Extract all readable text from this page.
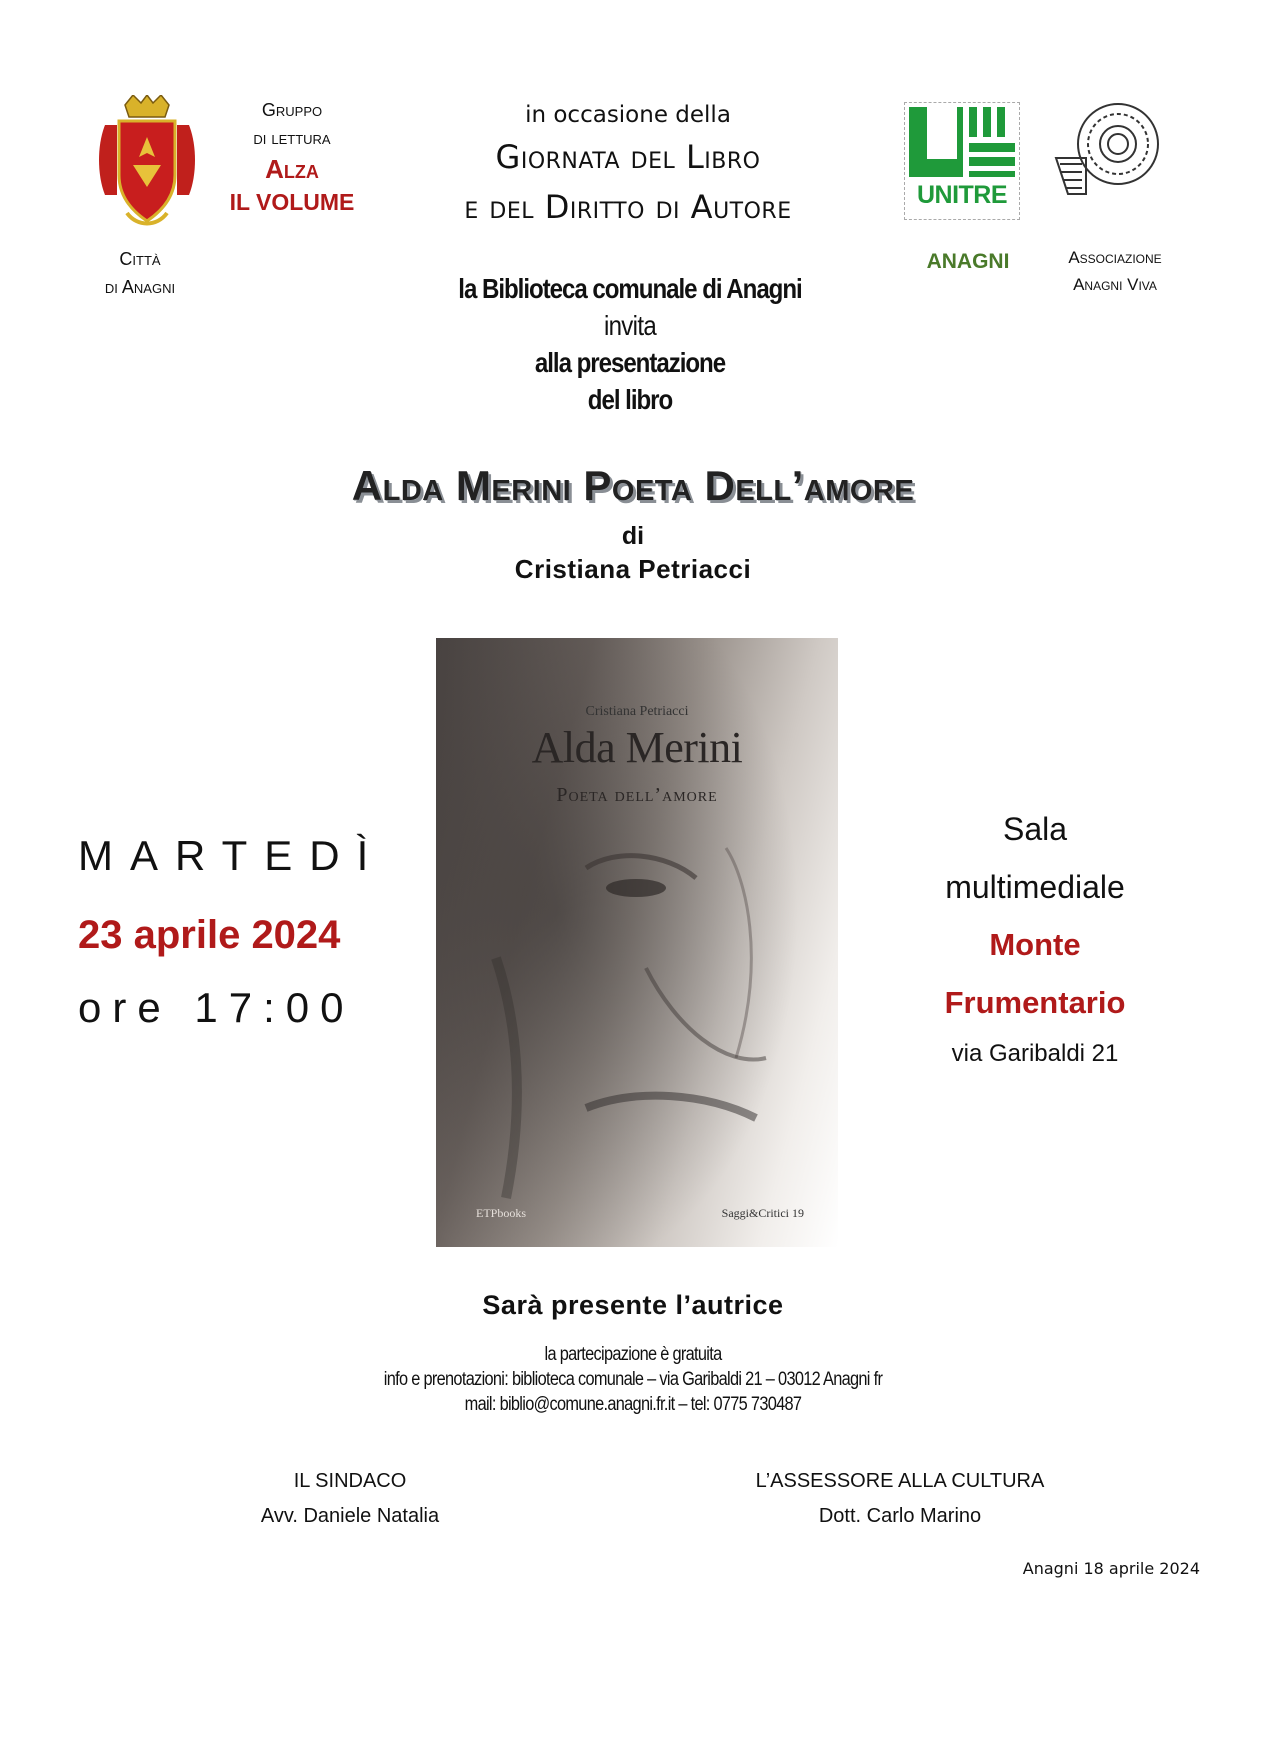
Città
di Anagni
Gruppo
di lettura
Alza
IL VOLUME
in occasione della
Giornata del Libro
e del Diritto di Autore	UNITRE
ANAGNI	Associazione
Anagni Viva
la Biblioteca comunale di Anagni
invita
alla presentazione
del libro
Alda Merini Poeta Dell’amore
di
Cristiana Petriacci
Cristiana Petriacci
Alda Merini
Poeta dell’amore
ETPbooks	Saggi&Critici 19
MARTEDÌ
23 aprile 2024
ore 17:00
Sala
multimediale
Monte
Frumentario
via Garibaldi 21
Sarà presente l’autrice
la partecipazione è gratuita
info e prenotazioni: biblioteca comunale – via Garibaldi 21 – 03012 Anagni fr
mail: biblio@comune.anagni.fr.it – tel: 0775 730487
IL SINDACO
Avv. Daniele Natalia
L’ASSESSORE ALLA CULTURA
Dott. Carlo Marino
Anagni 18 aprile 2024
